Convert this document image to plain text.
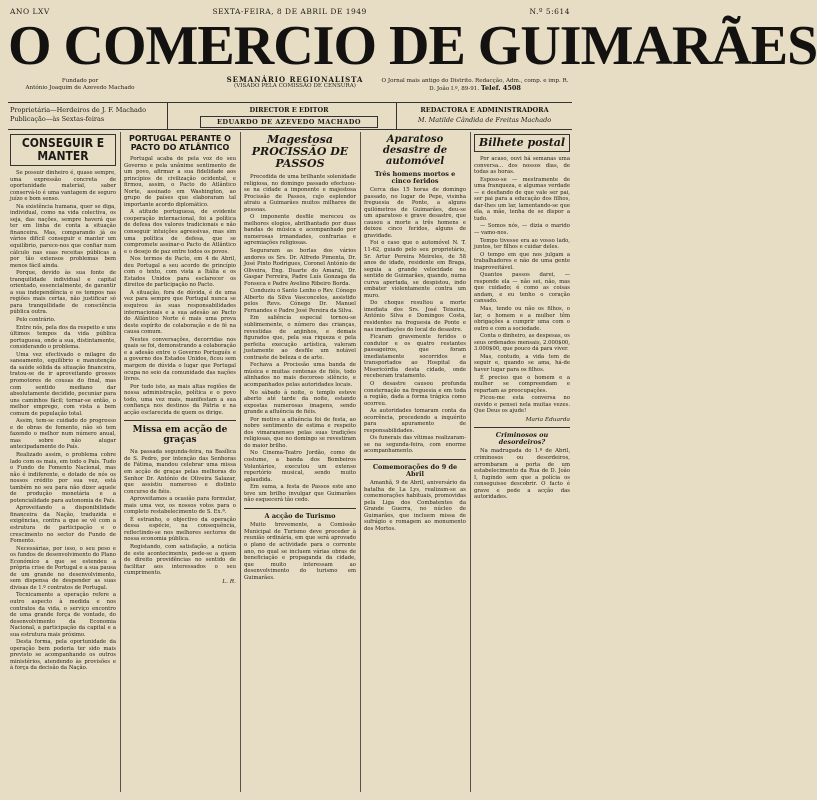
ANO LXV	SEXTA-FEIRA, 8 DE ABRIL DE 1949	N.º 5:614
O COMERCIO DE GUIMARÃES
Fundado por
António Joaquim de Azevedo Machado
SEMANÁRIO REGIONALISTA
(VISADO PELA COMISSÃO DE CENSURA)
O Jornal mais antigo do Distrito. Redacção, Adm., comp. e imp. R. D. João I.º, 89-91. Telef. 4508
Proprietária—Herdeiros de J. F. Machado
Publicação—às Sextas-feiras
DIRECTOR E EDITOR
EDUARDO DE AZEVEDO MACHADO
REDACTORA E ADMINISTRADORA
M. Matilde Cândida de Freitas Machado
CONSEGUIR E MANTER

Se possuir dinheiro é, quase sempre, uma expressão concreta de oportunidade material, saber conservá-lo é uma vantagem de seguro juízo e bom senso.

Na existência humana, quer se diga, individual, como na vida colectiva, os seja, das nações, sempre haverá que ter em linha de conta a situação financeira. Mas, comparando já os vários difícil conseguir e manter um equilíbrio, parece-nos que confiar num cálculo nas suas receitas públicas a por tão extensos problemas bem menos fácil ainda.

Porque, devido às sua fonte de tranquilidade individual e capital orientado, essencialmente, de garantir a sua independência e os tempos nas regiões mais certas, não justificar só para tranquilidade de consciência pública outra.

Pelo contrário.

Entre nós, pela dos da respeito e uns últimos tempos da vida pública portuguesa, onde a sua, distintamente, considerando o problema.

Uma vez efectivado o milagre do saneamento, equilíbrio e manutenção da saúde sólida da situação financeira, tratou-se de ir aproveitando grossos promotores de cousas do final, mas com sentido mediano dar absolutamente decidido, pecuniar para uns caminhos fácil; tornar-se então, o melhor emprego, com vista a bem comum de população total.

Assim, tem-se cuidado do progresso e de obras de fomento, não só tem fazendo o melhor num número anual, mas sobre não alugar antecipadamente do País.

Realizado assim, o problema cobre lado com os mais, em todo o País. Tudo o Fundo de Fomento Nacional, mas não é indiferente, e dotado de nós os nossos crédito por sua vez, está também no seu para não dizer aquele de produção monetária e a potencialidade para autonomia de País.

Aproveitando a disponibilidade financeira da Nação, traduzida e exigências, contra a que se vê com a estrutura de participação e o crescimento no sector do Fundo de Fomento.

Necessárias, por isso, o seu peso e os fundos de desenvolvimento do Plano Económico a que se estendeu a própria crise de Portugal e a sua pausa de um grande no desenvolvimento, sem dispensa de despender as suas divisas de 1.º contratos de Portugal.

Tecnicamente a operação refere a outro aspecto à medida e nos contratos da vida, o serviço encontro de uma grande força de vontade, do desenvolvimento da Economia Nacional, a participação da capital e a sua estrutura mais próximo.

Desta forma, pela oportunidade da operação bem poderia ter sido mais previsto se acompanhando os outros ministérios, atendendo às provisões e à força da decisão da Nação.

PORTUGAL PERANTE O PACTO DO ATLÂNTICO

Portugal acaba de pela voz do seu Governo e pela unânime sentimento de um povo, afirmar a sua fidelidade aos princípios de civilização ocidental, e firmou, assim, o Pacto do Atlântico Norte, assinado em Washington, ao grupo de países que elaboraram tal importante acordo diplomático.

A atitude portuguesa, de evidente cooperação internacional, foi a política de defesa dos valores tradicionais e não conseguir intuições agressivas, mas sim uma política de defesa, que se compromete assinar-o Pacto de Atlântico e o desejo de paz entre todos os povos.

Nos termos de Pacto, em 4 de Abril, deu Portugal a seu acordo de princípio com o texto, com vista a Itália e os Estados Unidos para esclarecer os direitos de participação no Pacto.

A situação, fora de dúvida, é de uma vez para sempre que Portugal nunca se esquivou às suas responsabilidades internacionais e a sua adesão ao Pacto do Atlântico Norte é mais uma prova deste espírito de colaboração e de fé na causa comum.

Nestes conversações, decorridas nos quais se foi, demonstrando a colaboração e a adesão entre o Governo Português e a governo dos Estados Unidos, ficou sem margem de dúvida o lugar que Portugal ocupa no seio da comunidade das nações livres.

Por tudo isto, as mais altas regiões de nossa administração, política e o povo todo, uma vez mais, manifestam a sua confiança nos destinos da Pátria e na acção esclarecida de quem os dirige.

Missa em acção de graças

Na passada segunda-feira, na Basílica de S. Pedro, por intenção das Senhoras de Fátima, mandou celebrar uma missa em acção de graças pelas melhoras do Senhor Dr. António de Oliveira Salazar, que assistiu numeroso e distinto concurso de fiéis.

Aproveitamos a ocasião para formular, mais uma vez, os nossos votos para o completo restabelecimento de S. Ex.ª.

É estranho, o objectivo da operação dessa espécie, na consequência, reflectindo-se nos melhores sectores de nossa economia pública.

Registando, com satisfação, a notícia de este acontecimento, pede-se a quem de direito providências no sentido de facilitar aos interessados o seu cumprimento.

L. R.
Magestosa PROCISSÃO DE PASSOS

Precedida de uma brilhante solenidade religiosa, no domingo passado efectuou-se na cidade a imponente e majestosa Procissão de Passos, cujo esplendor atraiu a Guimarães muitos milhares de pessoas.

O imponente desfile mereceu os melhores elogios, abrilhantado por duas bandas de música e acompanhado por numerosas irmandades, confrarias e agremiações religiosas.

Seguraram as borlas dos vários andores os Srs. Dr. Alfredo Pimenta, Dr. José Pinto Rodrigues, Coronel António de Oliveira, Eng. Duarte do Amaral, Dr. Gaspar Ferreira, Padre Luís Gonzaga da Fonseca e Padre Avelino Ribeiro Borda.

Conduziu o Santo Lenho o Rev. Cónego Alberto da Silva Vasconcelos, assistido pelos Revs. Cónego Dr. Manuel Fernandes e Padre José Pereira da Silva.

Em saliência especial tornou-se sublimemente, o número das crianças, revestidas de anjinhos, e demais figurados que, pela sua riqueza e pela perfeita execução artística, valeram justamente ao desfile um notável contraste de beleza e de arte.

Fechava a Procissão uma banda de música e muitas centenas de fiéis, todo alinhados no mais decoroso silêncio, e acompanhados pelas autoridades locais.

No sábado à noite, o templo esteve aberto até tarde da noite, estando expostas numerosas imagens, sendo grande a afluência de fiéis.

Por motivo a afluência foi de festa, ao nobre sentimento de estima e respeito dos vimaranenses pelas suas tradições religiosas, que no domingo se revestiram do maior brilho.

No Cinema-Teatro Jordão, como de costume, a banda dos Bombeiros Voluntários, executou um extenso repertório musical, sendo muito aplaudida.

Em suma, a festa de Passos este ano teve um brilho invulgar que Guimarães não esquecerá tão cedo.

A acção de Turismo

Muito brevemente, a Comissão Municipal de Turismo deve proceder à reunião ordinária, em que será aprovado o plano de actividade para o corrente ano, no qual se incluem várias obras de beneficiação e propaganda da cidade, que muito interessam ao desenvolvimento do turismo em Guimarães.

Aparatoso desastre de automóvel
Três homens mortos e cinco feridos

Cerca das 15 horas de domingo passado, no lugar de Pepe, visinha freguesia de Ponte, a alguns quilómetros de Guimarães, deu-se um aparatoso e grave desastre, que causou a morte a três homens e deixou cinco feridos, alguns de gravidade.

Foi o caso que o automóvel N. T. 11-62, guiado pelo seu proprietário, Sr. Artur Pereira Meireles, de 58 anos de idade, residente em Braga, seguia a grande velocidade no sentido de Guimarães, quando, numa curva apertada, se despistou, indo embater violentamente contra um muro.

Do choque resultou a morte imediata dos Srs. José Teixeira, António Silva e Domingos Costa, residentes na freguesia de Ponte e nas imediações do local do desastre.

Ficaram gravemente feridos o condutor e os quatro restantes passageiros, que foram imediatamente socorridos e transportados ao Hospital da Misericórdia desta cidade, onde receberam tratamento.

O desastre causou profunda consternação na freguesia e em toda a região, dada a forma trágica como ocorreu.

As autoridades tomaram conta da ocorrência, procedendo a inquérito para apuramento de responsabilidades.

Os funerais das vítimas realizaram-se na segunda-feira, com enorme acompanhamento.

Comemorações do 9 de Abril

Amanhã, 9 de Abril, aniversário da batalha de La Lys, realizam-se as comemorações habituais, promovidas pela Liga dos Combatentes da Grande Guerra, no núcleo de Guimarães, que incluem missa de sufrágio e romagem ao monumento dos Mortos.

Bilhete postal

Por acaso, ouvi há semanas uma conversa... dos nossos dias, de todas as horas.

Esposo-se — mestramente de uma franqueza, e algumas verdade — e desfiando de que vale ser pai, ser pai para a educação dos filhos, dar-lhes um lar, lamentando-se que ela, a mãe, tenha de se dispor a tudo.

— Somos nós, — dizia o marido — vamo-nos.

Tempo tivesse era ao vosso lado, juntos, ter filhos e cuidar deles.

O tempo em que nos julgam a trabalhadores e não de uma gente inaproveitável.

Quantos passos darei, — responde ela — não sei, não, mas que cuidado; é como as coisas andam, e eu tenho o coração cansado.

Mas, tendo ou não os filhos, o lar, o homem e a mulher têm obrigações a cumprir uma com o outro e com a sociedade.

Conta o dinheiro, as despesas, os seus ordenados mensais, 2.000$00, 3.000$00, que pouco dá para viver.

Mas, contudo, a vida tem de seguir e, quando se ama, há-de haver lugar para os filhos.

É preciso que o homem e a mulher se compreendam e repartam as preocupações.

Ficou-me esta conversa no ouvido e pensei nela muitas vezes. Que Deus os ajude!

Maria Eduarda
Criminosos ou desordeiros?

Na madrugada do 1.º de Abril, criminosos ou desordeiros, arrombaram a porta de um estabelecimento da Rua de D. João I, fugindo sem que a polícia os conseguisse descobrir. O facto é grave e pede a acção das autoridades.
